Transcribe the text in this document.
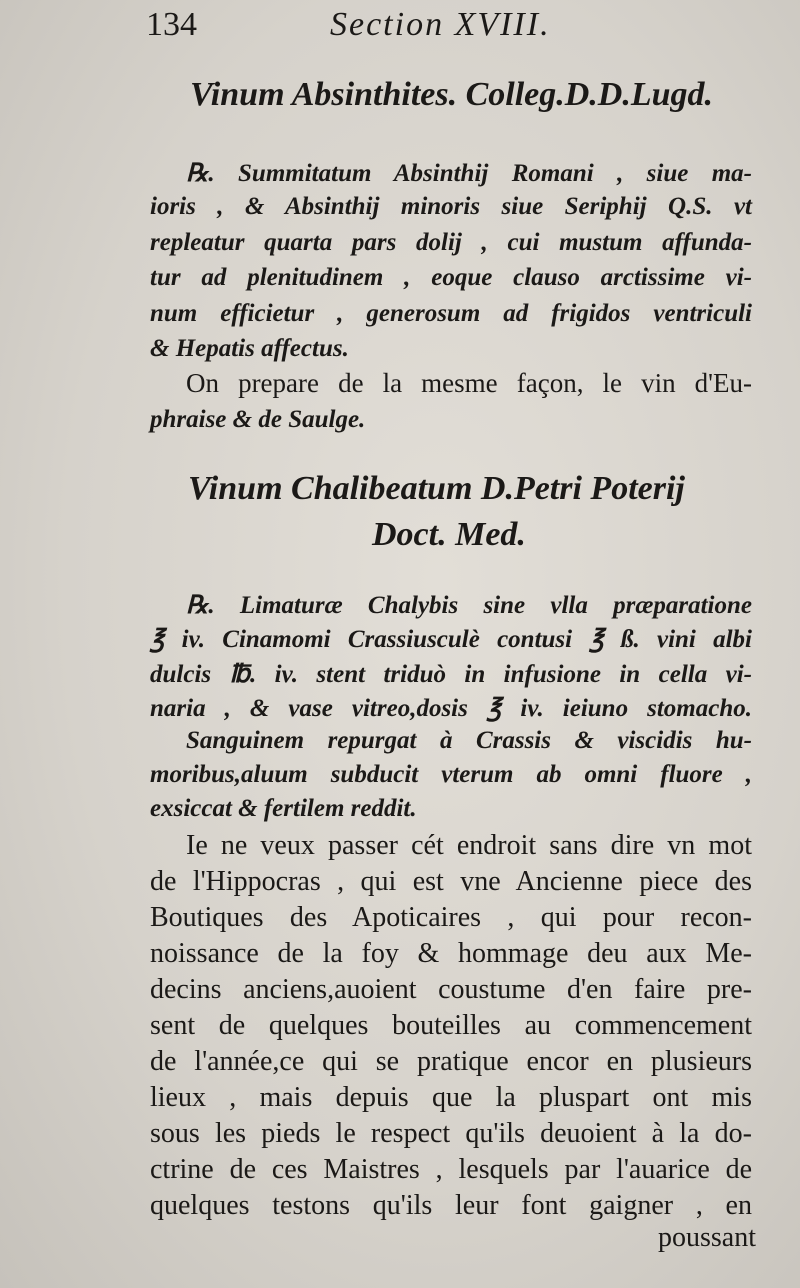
134	Section XVIII.
Vinum Absinthites. Colleg.D.D.Lugd.
℞. Summitatum Absinthij Romani , siue ma-
ioris , & Absinthij minoris siue Seriphij Q.S. vt
repleatur quarta pars dolij , cui mustum affunda-
tur ad plenitudinem , eoque clauso arctissime vi-
num efficietur , generosum ad frigidos ventriculi
& Hepatis affectus.
On prepare de la mesme façon, le vin d'Eu-
phraise & de Saulge.
Vinum Chalibeatum D.Petri Poterij
Doct. Med.
℞. Limaturæ Chalybis sine vlla præparatione
℥ iv. Cinamomi Crassiusculè contusi ℥ ß. vini albi
dulcis ℔. iv. stent triduò in infusione in cella vi-
naria , & vase vitreo,dosis ℥ iv. ieiuno stomacho.
Sanguinem repurgat à Crassis & viscidis hu-
moribus,aluum subducit vterum ab omni fluore ,
exsiccat & fertilem reddit.
Ie ne veux passer cét endroit sans dire vn mot
de l'Hippocras , qui est vne Ancienne piece des
Boutiques des Apoticaires , qui pour recon-
noissance de la foy & hommage deu aux Me-
decins anciens,auoient coustume d'en faire pre-
sent de quelques bouteilles au commencement
de l'année,ce qui se pratique encor en plusieurs
lieux , mais depuis que la pluspart ont mis
sous les pieds le respect qu'ils deuoient à la do-
ctrine de ces Maistres , lesquels par l'auarice de
quelques testons qu'ils leur font gaigner , en
poussant
